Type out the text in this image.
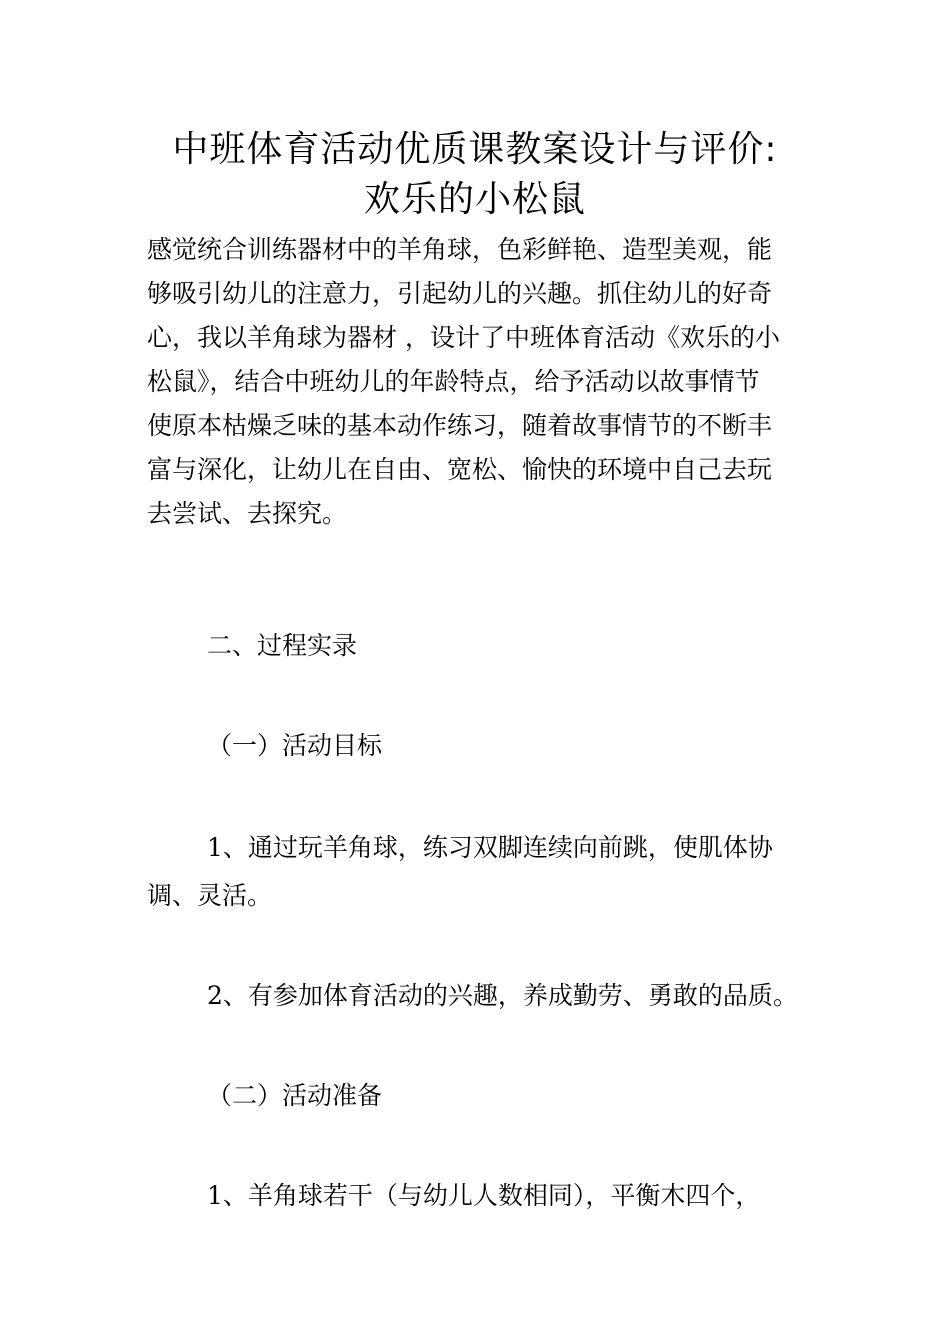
中班体育活动优质课教案设计与评价:
欢乐的小松鼠

感觉统合训练器材中的羊角球，色彩鲜艳、造型美观，能
够吸引幼儿的注意力，引起幼儿的兴趣。抓住幼儿的好奇
心，我以羊角球为器材 ，设计了中班体育活动《欢乐的小
松鼠》，结合中班幼儿的年龄特点，给予活动以故事情节
使原本枯燥乏味的基本动作练习，随着故事情节的不断丰
富与深化，让幼儿在自由、宽松、愉快的环境中自己去玩
去尝试、去探究。

二、过程实录

（一）活动目标

1、通过玩羊角球，练习双脚连续向前跳，使肌体协

调、灵活。

2、有参加体育活动的兴趣，养成勤劳、勇敢的品质。

（二）活动准备

1、羊角球若干（与幼儿人数相同），平衡木四个，
